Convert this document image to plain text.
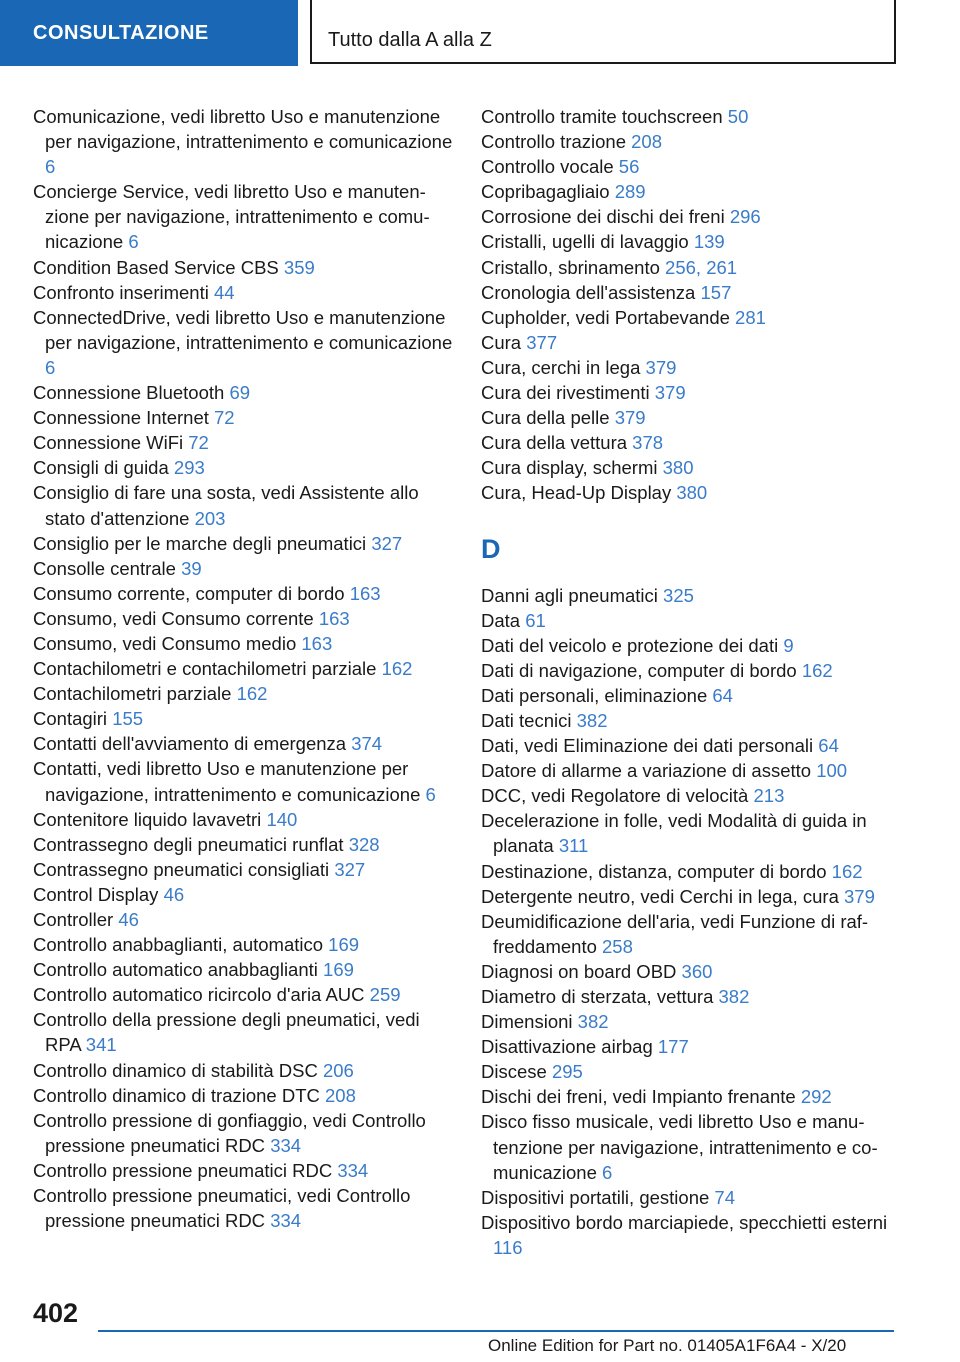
CONSULTAZIONE	Tutto dalla A alla Z
Comunicazione, vedi libretto Uso e manutenzione per navigazione, intrattenimento e comunicazione 6
Concierge Service, vedi libretto Uso e manutenzione per navigazione, intrattenimento e comunicazione 6
Condition Based Service CBS 359
Confronto inserimenti 44
ConnectedDrive, vedi libretto Uso e manutenzione per navigazione, intrattenimento e comunicazione 6
Connessione Bluetooth 69
Connessione Internet 72
Connessione WiFi 72
Consigli di guida 293
Consiglio di fare una sosta, vedi Assistente allo stato d'attenzione 203
Consiglio per le marche degli pneumatici 327
Consolle centrale 39
Consumo corrente, computer di bordo 163
Consumo, vedi Consumo corrente 163
Consumo, vedi Consumo medio 163
Contachilometri e contachilometri parziale 162
Contachilometri parziale 162
Contagiri 155
Contatti dell'avviamento di emergenza 374
Contatti, vedi libretto Uso e manutenzione per navigazione, intrattenimento e comunicazione 6
Contenitore liquido lavavetri 140
Contrassegno degli pneumatici runflat 328
Contrassegno pneumatici consigliati 327
Control Display 46
Controller 46
Controllo anabbaglianti, automatico 169
Controllo automatico anabbaglianti 169
Controllo automatico ricircolo d'aria AUC 259
Controllo della pressione degli pneumatici, vedi RPA 341
Controllo dinamico di stabilità DSC 206
Controllo dinamico di trazione DTC 208
Controllo pressione di gonfiaggio, vedi Controllo pressione pneumatici RDC 334
Controllo pressione pneumatici RDC 334
Controllo pressione pneumatici, vedi Controllo pressione pneumatici RDC 334
Controllo tramite touchscreen 50
Controllo trazione 208
Controllo vocale 56
Copribagagliaio 289
Corrosione dei dischi dei freni 296
Cristalli, ugelli di lavaggio 139
Cristallo, sbrinamento 256, 261
Cronologia dell'assistenza 157
Cupholder, vedi Portabevande 281
Cura 377
Cura, cerchi in lega 379
Cura dei rivestimenti 379
Cura della pelle 379
Cura della vettura 378
Cura display, schermi 380
Cura, Head-Up Display 380
D
Danni agli pneumatici 325
Data 61
Dati del veicolo e protezione dei dati 9
Dati di navigazione, computer di bordo 162
Dati personali, eliminazione 64
Dati tecnici 382
Dati, vedi Eliminazione dei dati personali 64
Datore di allarme a variazione di assetto 100
DCC, vedi Regolatore di velocità 213
Decelerazione in folle, vedi Modalità di guida in planata 311
Destinazione, distanza, computer di bordo 162
Detergente neutro, vedi Cerchi in lega, cura 379
Deumidificazione dell'aria, vedi Funzione di raffreddamento 258
Diagnosi on board OBD 360
Diametro di sterzata, vettura 382
Dimensioni 382
Disattivazione airbag 177
Discese 295
Dischi dei freni, vedi Impianto frenante 292
Disco fisso musicale, vedi libretto Uso e manutenzione per navigazione, intrattenimento e comunicazione 6
Dispositivi portatili, gestione 74
Dispositivo bordo marciapiede, specchietti esterni 116
402
Online Edition for Part no. 01405A1F6A4 - X/20
